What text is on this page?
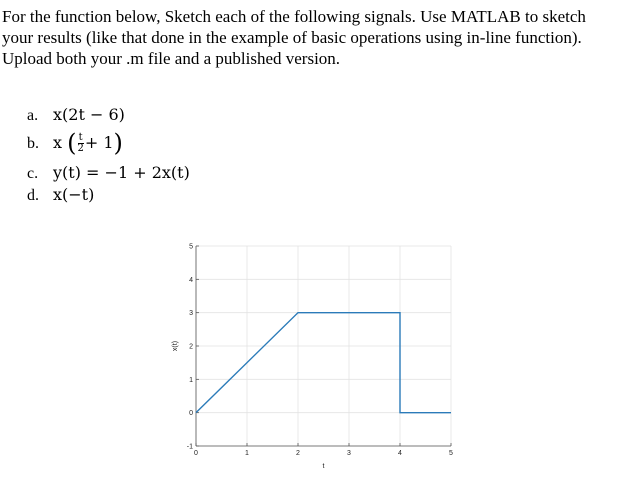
For the function below, Sketch each of the following signals. Use MATLAB to sketch
your results (like that done in the example of basic operations using in-line function).
Upload both your .m file and a published version.
a. x(2t − 6)
b. x ( $\frac{t}{2} + 1$)
c. y(t) = −1 + 2x(t)
d. x(−t)
0	1	2	3	4	5
-1
0
1
2
3
4
5
t
x(t)
